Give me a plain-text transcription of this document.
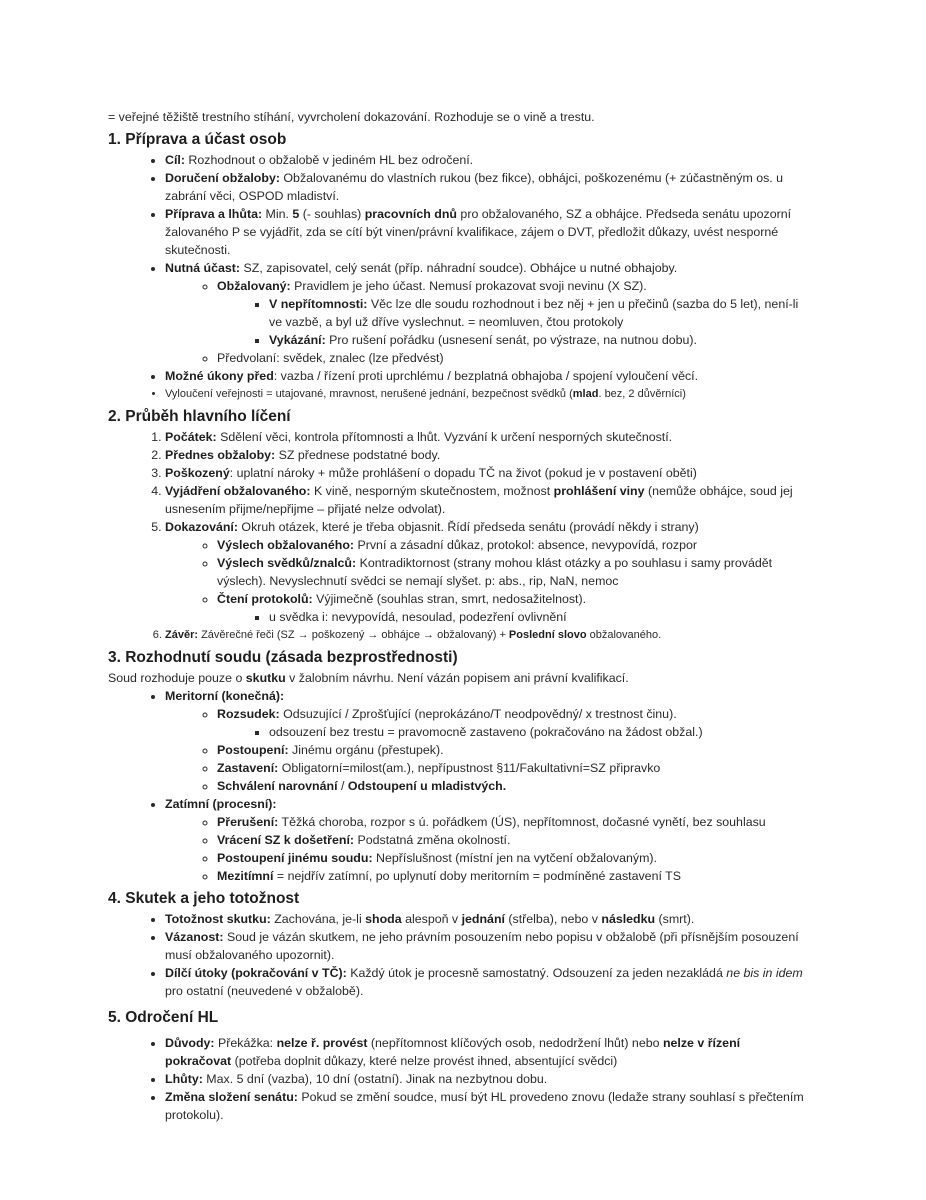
= veřejné těžiště trestního stíhání, vyvrcholení dokazování. Rozhoduje se o vině a trestu.

1. Příprava a účast osob
• Cíl: Rozhodnout o obžalobě v jediném HL bez odročení.
• Doručení obžaloby: Obžalovanému do vlastních rukou (bez fikce), obhájci, poškozenému (+ zúčastněným os. u zabrání věci, OSPOD mladiství.
• Příprava a lhůta: Min. 5 (- souhlas) pracovních dnů pro obžalovaného, SZ a obhájce. Předseda senátu upozorní žalovaného P se vyjádřit, zda se cítí být vinen/právní kvalifikace, zájem o DVT, předložit důkazy, uvést nesporné skutečnosti.
• Nutná účast: SZ, zapisovatel, celý senát (příp. náhradní soudce). Obhájce u nutné obhajoby.
◦ Obžalovaný: Pravidlem je jeho účast. Nemusí prokazovat svoji nevinu (X SZ).
▪ V nepřítomnosti: Věc lze dle soudu rozhodnout i bez něj + jen u přečinů (sazba do 5 let), není-li ve vazbě, a byl už dříve vyslechnut. = neomluven, čtou protokoly
▪ Vykázání: Pro rušení pořádku (usnesení senát, po výstraze, na nutnou dobu).
◦ Předvolaní: svědek, znalec (lze předvést)
• Možné úkony před: vazba / řízení proti uprchlému / bezplatná obhajoba / spojení vyloučení věcí.
• Vyloučení veřejnosti = utajované, mravnost, nerušené jednání, bezpečnost svědků (mlad. bez, 2 důvěrníci)
2. Průběh hlavního líčení
1. Počátek: Sdělení věci, kontrola přítomnosti a lhůt. Vyzvání k určení nesporných skutečností.
2. Přednes obžaloby: SZ přednese podstatné body.
3. Poškozený: uplatní nároky + může prohlášení o dopadu TČ na život (pokud je v postavení oběti)
4. Vyjádření obžalovaného: K vině, nesporným skutečnostem, možnost prohlášení viny (nemůže obhájce, soud jej usnesením přijme/nepřijme – přijaté nelze odvolat).
5. Dokazování: Okruh otázek, které je třeba objasnit. Řídí předseda senátu (provádí někdy i strany)
◦ Výslech obžalovaného: První a zásadní důkaz, protokol: absence, nevypovídá, rozpor
◦ Výslech svědků/znalců: Kontradiktornost (strany mohou klást otázky a po souhlasu i samy provádět výslech). Nevyslechnutí svědci se nemají slyšet. p: abs., rip, NaN, nemoc
◦ Čtení protokolů: Výjimečně (souhlas stran, smrt, nedosažitelnost).
▪ u svědka i: nevypovídá, nesoulad, podezření ovlivnění
6. Závěr: Závěrečné řeči (SZ → poškozený → obhájce → obžalovaný) + Poslední slovo obžalovaného.
3. Rozhodnutí soudu (zásada bezprostřednosti)

Soud rozhoduje pouze o skutku v žalobním návrhu. Není vázán popisem ani právní kvalifikací.

• Meritorní (konečná):
◦ Rozsudek: Odsuzující / Zprošťující (neprokázáno/T neodpovědný/ x trestnost činu).
▪ odsouzení bez trestu = pravomocně zastaveno (pokračováno na žádost obžal.)
◦ Postoupení: Jinému orgánu (přestupek).
◦ Zastavení: Obligatorní=milost(am.), nepřípustnost §11/Fakultativní=SZ připravko
◦ Schválení narovnání / Odstoupení u mladistvých.
• Zatímní (procesní):
◦ Přerušení: Těžká choroba, rozpor s ú. pořádkem (ÚS), nepřítomnost, dočasné vynětí, bez souhlasu
◦ Vrácení SZ k došetření: Podstatná změna okolností.
◦ Postoupení jinému soudu: Nepříslušnost (místní jen na vytčení obžalovaným).
◦ Mezitímní = nejdřív zatímní, po uplynutí doby meritorním = podmíněné zastavení TS
4. Skutek a jeho totožnost
• Totožnost skutku: Zachována, je-li shoda alespoň v jednání (střelba), nebo v následku (smrt).
• Vázanost: Soud je vázán skutkem, ne jeho právním posouzením nebo popisu v obžalobě (při přísnějším posouzení musí obžalovaného upozornit).
• Dílčí útoky (pokračování v TČ): Každý útok je procesně samostatný. Odsouzení za jeden nezakládá ne bis in idem pro ostatní (neuvedené v obžalobě).
5. Odročení HL
• Důvody: Překážka: nelze ř. provést (nepřítomnost klíčových osob, nedodržení lhůt) nebo nelze v řízení pokračovat (potřeba doplnit důkazy, které nelze provést ihned, absentující svědci)
• Lhůty: Max. 5 dní (vazba), 10 dní (ostatní). Jinak na nezbytnou dobu.
• Změna složení senátu: Pokud se změní soudce, musí být HL provedeno znovu (ledaže strany souhlasí s přečtením protokolu).
